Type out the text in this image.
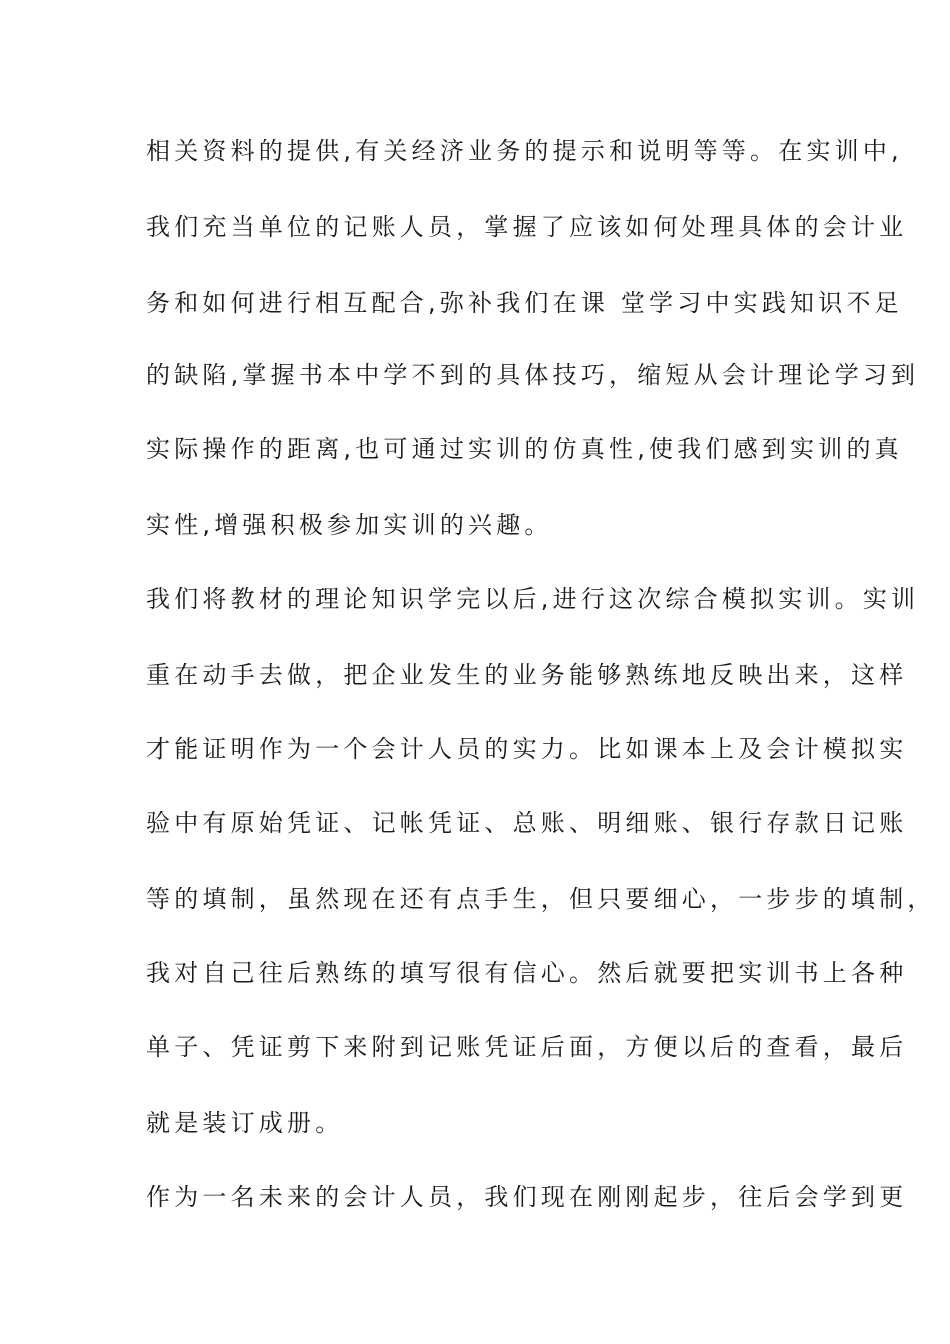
相关资料的提供,有关经济业务的提示和说明等等。在实训中,
我们充当单位的记账人员，掌握了应该如何处理具体的会计业
务和如何进行相互配合,弥补我们在课 堂学习中实践知识不足
的缺陷,掌握书本中学不到的具体技巧，缩短从会计理论学习到
实际操作的距离,也可通过实训的仿真性,使我们感到实训的真
实性,增强积极参加实训的兴趣。
我们将教材的理论知识学完以后,进行这次综合模拟实训。实训
重在动手去做，把企业发生的业务能够熟练地反映出来，这样
才能证明作为一个会计人员的实力。比如课本上及会计模拟实
验中有原始凭证、记帐凭证、总账、明细账、银行存款日记账
等的填制，虽然现在还有点手生，但只要细心，一步步的填制，
我对自己往后熟练的填写很有信心。然后就要把实训书上各种
单子、凭证剪下来附到记账凭证后面，方便以后的查看，最后
就是装订成册。
作为一名未来的会计人员，我们现在刚刚起步，往后会学到更
